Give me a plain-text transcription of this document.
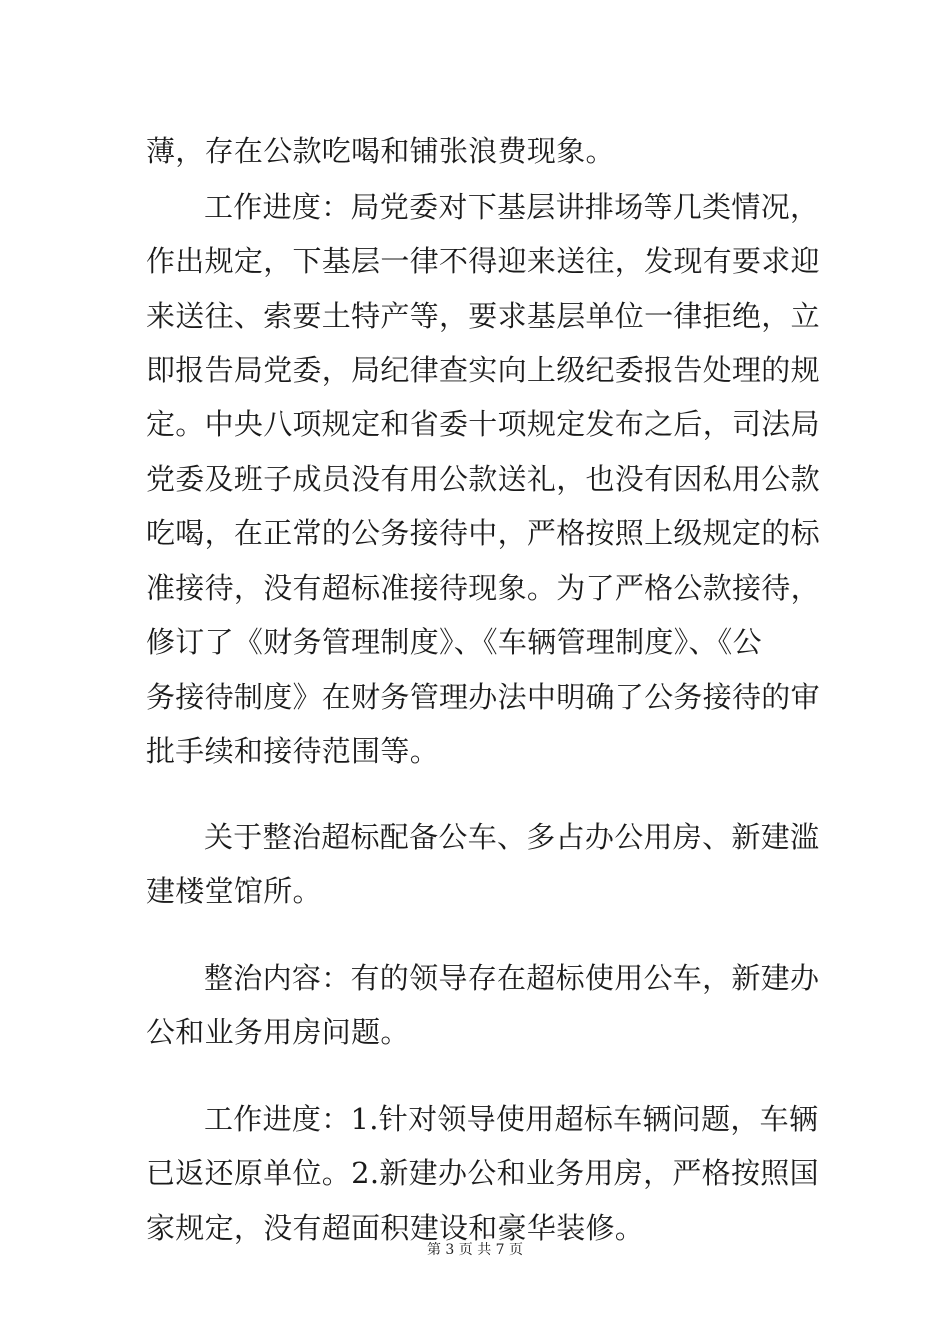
薄，存在公款吃喝和铺张浪费现象。
工作进度：局党委对下基层讲排场等几类情况，
作出规定，下基层一律不得迎来送往，发现有要求迎
来送往、索要土特产等，要求基层单位一律拒绝，立
即报告局党委，局纪律查实向上级纪委报告处理的规
定。中央八项规定和省委十项规定发布之后，司法局
党委及班子成员没有用公款送礼，也没有因私用公款
吃喝，在正常的公务接待中，严格按照上级规定的标
准接待，没有超标准接待现象。为了严格公款接待，
修订了《财务管理制度》、《车辆管理制度》、《公
务接待制度》在财务管理办法中明确了公务接待的审
批手续和接待范围等。
关于整治超标配备公车、多占办公用房、新建滥
建楼堂馆所。
整治内容：有的领导存在超标使用公车，新建办
公和业务用房问题。
工作进度：1.针对领导使用超标车辆问题，车辆
已返还原单位。2.新建办公和业务用房，严格按照国
家规定，没有超面积建设和豪华装修。
第 3 页 共 7 页
